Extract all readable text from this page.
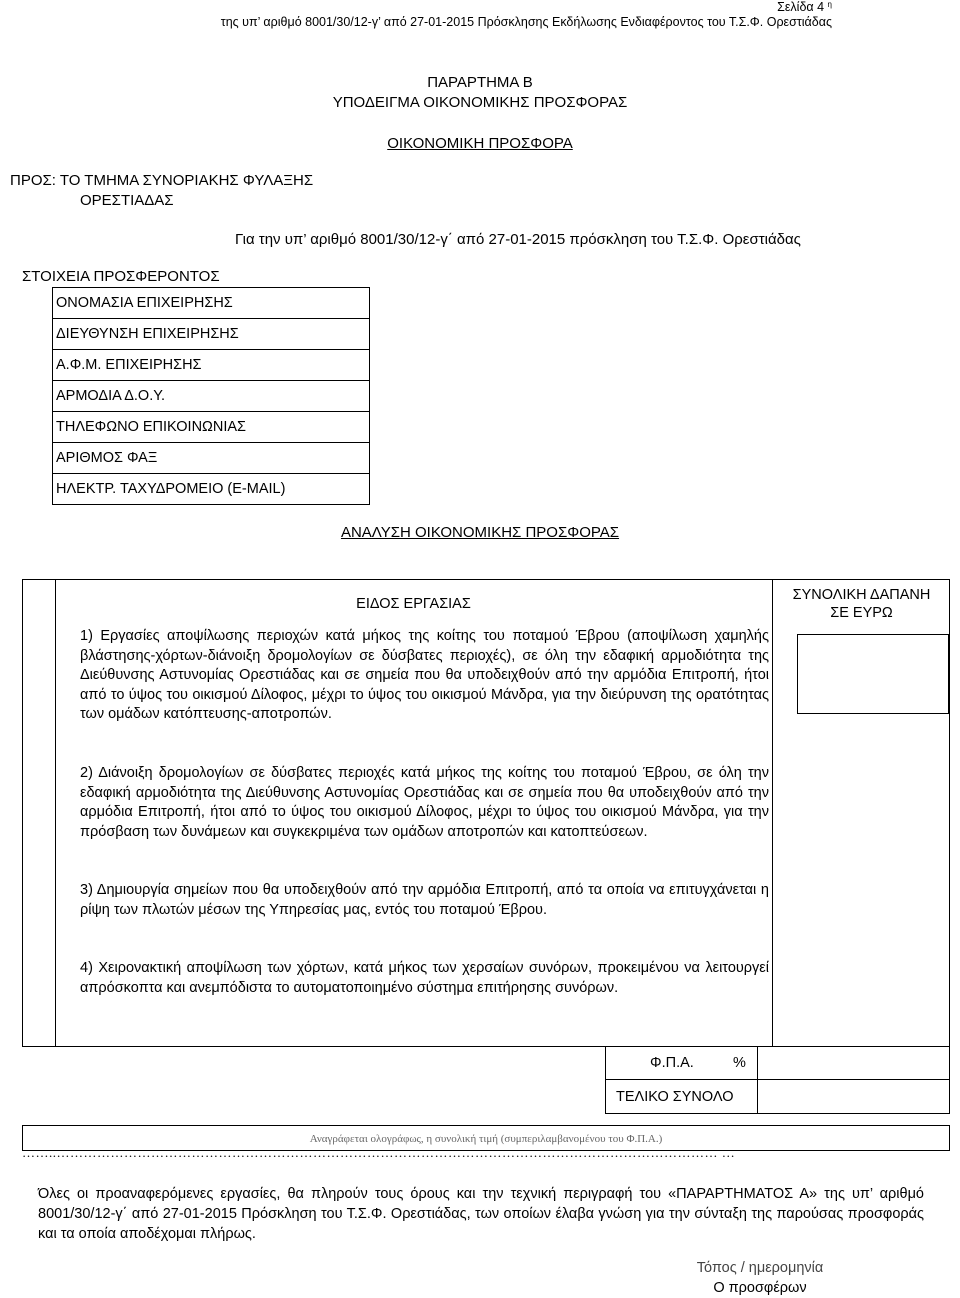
Σελίδα 4 $^\eta$
της υπ’ αριθμό 8001/30/12-γ’ από 27-01-2015 Πρόσκλησης Εκδήλωσης Ενδιαφέροντος του Τ.Σ.Φ. Ορεστιάδας
ΠΑΡΑΡΤΗΜΑ Β
ΥΠΟΔΕΙΓΜΑ ΟΙΚΟΝΟΜΙΚΗΣ ΠΡΟΣΦΟΡΑΣ
ΟΙΚΟΝΟΜΙΚΗ ΠΡΟΣΦΟΡΑ
ΠΡΟΣ: ΤΟ ΤΜΗΜΑ ΣΥΝΟΡΙΑΚΗΣ ΦΥΛΑΞΗΣ
ΟΡΕΣΤΙΑΔΑΣ
Για την υπ’ αριθμό 8001/30/12-γ΄ από 27-01-2015 πρόσκληση του Τ.Σ.Φ. Ορεστιάδας
ΣΤΟΙΧΕΙΑ ΠΡΟΣΦΕΡΟΝΤΟΣ
ΟΝΟΜΑΣΙΑ ΕΠΙΧΕΙΡΗΣΗΣ
ΔΙΕΥΘΥΝΣΗ ΕΠΙΧΕΙΡΗΣΗΣ
Α.Φ.Μ. ΕΠΙΧΕΙΡΗΣΗΣ
ΑΡΜΟΔΙΑ Δ.Ο.Υ.
ΤΗΛΕΦΩΝΟ ΕΠΙΚΟΙΝΩΝΙΑΣ
ΑΡΙΘΜΟΣ ΦΑΞ
ΗΛΕΚΤΡ. ΤΑΧΥΔΡΟΜΕΙΟ (E-MAIL)
ΑΝΑΛΥΣΗ ΟΙΚΟΝΟΜΙΚΗΣ ΠΡΟΣΦΟΡΑΣ
ΕΙΔΟΣ ΕΡΓΑΣΙΑΣ
ΣΥΝΟΛΙΚΗ ΔΑΠΑΝΗ
ΣΕ ΕΥΡΩ
1) Εργασίες αποψίλωσης περιοχών κατά μήκος της κοίτης του ποταμού Έβρου (αποψίλωση χαμηλής βλάστησης-χόρτων-διάνοιξη δρομολογίων σε δύσβατες περιοχές), σε όλη την εδαφική αρμοδιότητα της Διεύθυνσης Αστυνομίας Ορεστιάδας και σε σημεία που θα υποδειχθούν από την αρμόδια Επιτροπή, ήτοι από το ύψος του οικισμού Δίλοφος, μέχρι το ύψος του οικισμού Μάνδρα, για την διεύρυνση της ορατότητας των ομάδων κατόπτευσης-αποτροπών.
2) Διάνοιξη δρομολογίων σε δύσβατες περιοχές κατά μήκος της κοίτης του ποταμού Έβρου, σε όλη την εδαφική αρμοδιότητα της Διεύθυνσης Αστυνομίας Ορεστιάδας και σε σημεία που θα υποδειχθούν από την αρμόδια Επιτροπή, ήτοι από το ύψος του οικισμού Δίλοφος, μέχρι το ύψος του οικισμού Μάνδρα, για την πρόσβαση των δυνάμεων και συγκεκριμένα των ομάδων αποτροπών και κατοπτεύσεων.
3) Δημιουργία σημείων που θα υποδειχθούν από την αρμόδια Επιτροπή, από τα οποία να επιτυγχάνεται η ρίψη των πλωτών μέσων της Υπηρεσίας μας, εντός του ποταμού Έβρου.
4) Χειρονακτική αποψίλωση των χόρτων, κατά μήκος των χερσαίων συνόρων, προκειμένου να λειτουργεί απρόσκοπτα και ανεμπόδιστα το αυτοματοποιημένο σύστημα επιτήρησης συνόρων.
Φ.Π.Α.	%
ΤΕΛΙΚΟ ΣΥΝΟΛΟ
Αναγράφεται ολογράφως, η συνολική τιμή (συμπεριλαμβανομένου του Φ.Π.Α.)
……..………………………………………………………………………………………………………………………………… …
Όλες οι προαναφερόμενες εργασίες, θα πληρούν τους όρους και την τεχνική περιγραφή του «ΠΑΡΑΡΤΗΜΑΤΟΣ Α» της υπ’ αριθμό 8001/30/12-γ΄ από 27-01-2015 Πρόσκληση του Τ.Σ.Φ. Ορεστιάδας, των οποίων έλαβα γνώση για την σύνταξη της παρούσας προσφοράς και τα οποία αποδέχομαι πλήρως.
Τόπος / ημερομηνία
Ο προσφέρων
